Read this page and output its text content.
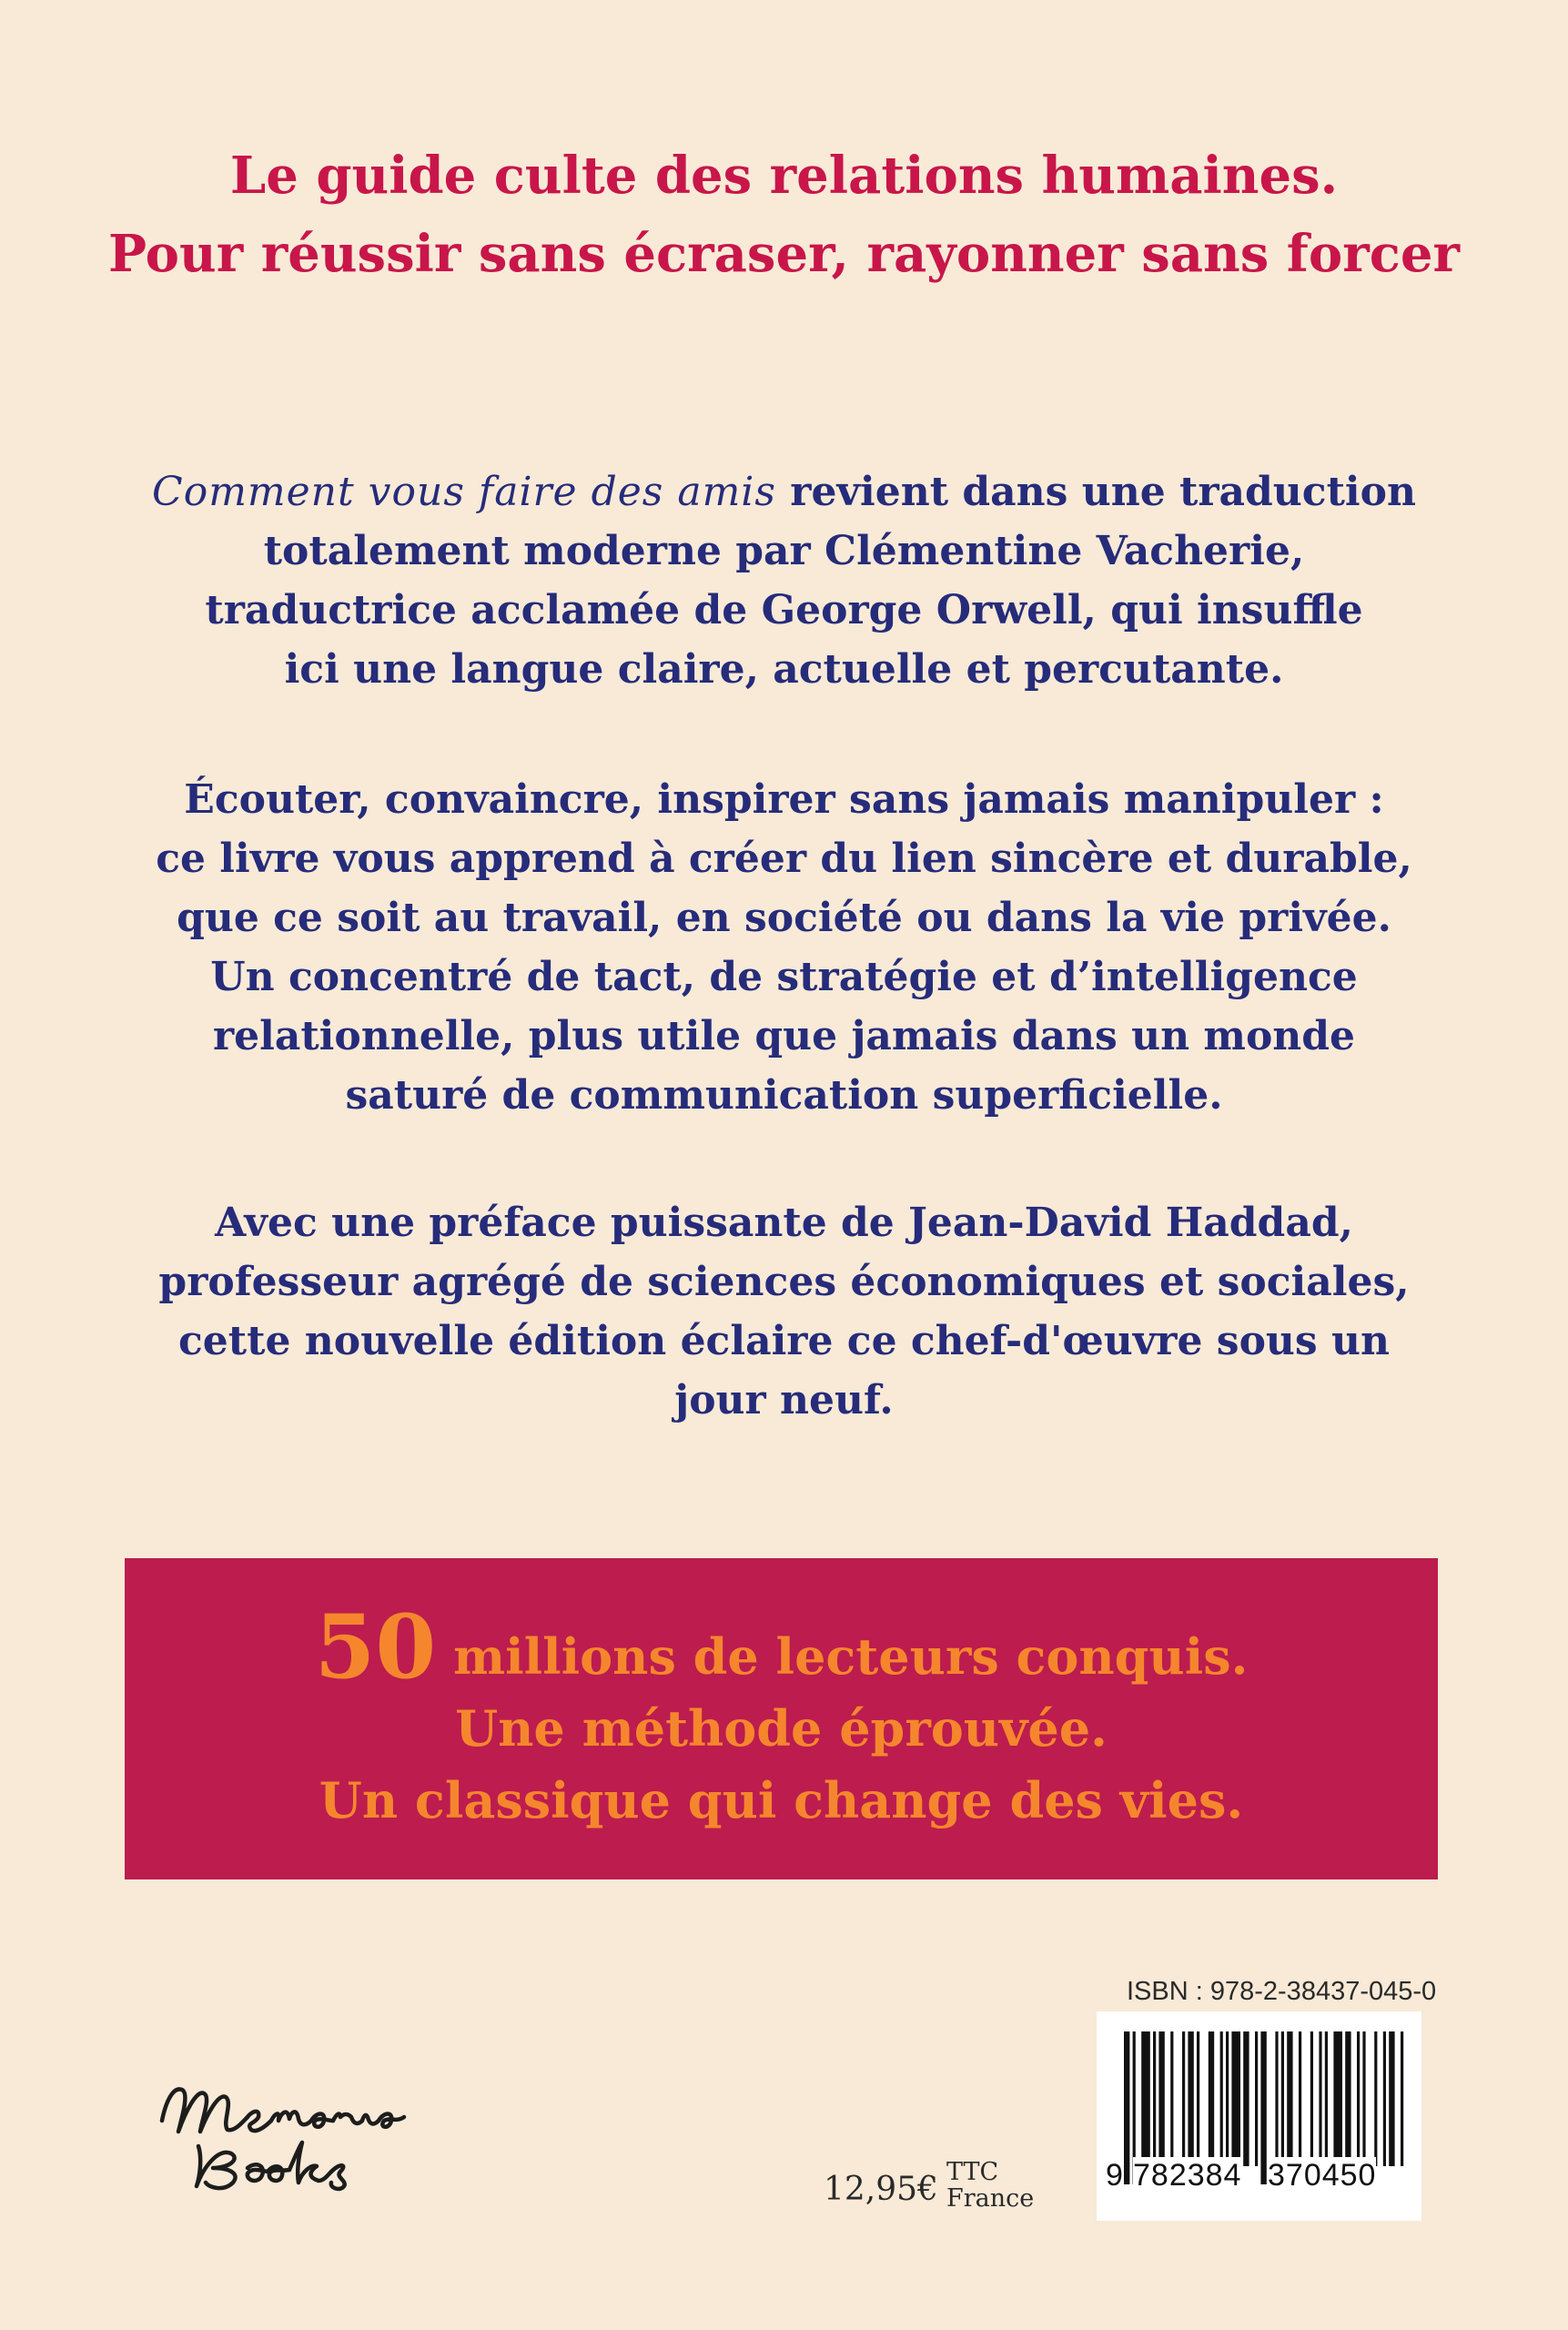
Le guide culte des relations humaines.
Pour réussir sans écraser, rayonner sans forcer
Comment vous faire des amis revient dans une traduction
totalement moderne par Clémentine Vacherie,
traductrice acclamée de George Orwell, qui insuffle
ici une langue claire, actuelle et percutante.
Écouter, convaincre, inspirer sans jamais manipuler :
ce livre vous apprend à créer du lien sincère et durable,
que ce soit au travail, en société ou dans la vie privée.
Un concentré de tact, de stratégie et d’intelligence
relationnelle, plus utile que jamais dans un monde
saturé de communication superficielle.
Avec une préface puissante de Jean-David Haddad,
professeur agrégé de sciences économiques et sociales,
cette nouvelle édition éclaire ce chef-d'œuvre sous un
jour neuf.
50 millions de lecteurs conquis.
Une méthode éprouvée.
Un classique qui change des vies.
ISBN : 978-2-38437-045-0
9 782384 370450
12,95€ TTC
France
